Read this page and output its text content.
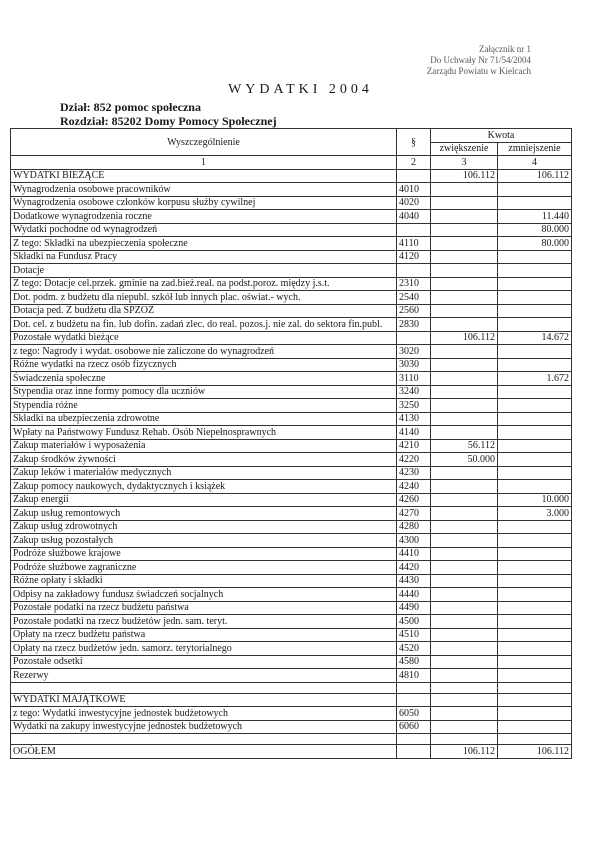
Załącznik nr 1
Do Uchwały Nr 71/54/2004
Zarządu Powiatu w Kielcach
WYDATKI 2004
Dział: 852 pomoc społeczna
Rozdział: 85202 Domy Pomocy Społecznej
Wyszczególnienie	§	Kwota	
		zwiększenie	zmniejszenie
1	2	3	4
WYDATKI BIEŻĄCE		106.112	106.112
Wynagrodzenia osobowe pracowników	4010		
Wynagrodzenia osobowe członków korpusu służby cywilnej	4020		
Dodatkowe wynagrodzenia roczne	4040		11.440
Wydatki pochodne od wynagrodzeń			80.000
Z tego: Składki na ubezpieczenia społeczne	4110		80.000
Składki na Fundusz Pracy	4120		
Dotacje			
Z tego: Dotacje cel.przek. gminie na zad.bież.real. na podst.poroz. między j.s.t.	2310		
Dot. podm. z budżetu dla niepubl. szkół lub innych plac. oświat.- wych.	2540		
Dotacja ped. Z budżetu dla SPZOZ	2560		
Dot. cel. z budżetu na fin. lub dofin. zadań zlec. do real. pozos.j. nie zal. do sektora fin.publ.	2830		
Pozostałe wydatki bieżące		106.112	14.672
z tego: Nagrody i wydat. osobowe nie zaliczone do wynagrodzeń	3020		
Różne wydatki na rzecz osób fizycznych	3030		
Świadczenia społeczne	3110		1.672
Stypendia oraz inne formy pomocy dla uczniów	3240		
Stypendia różne	3250		
Składki na ubezpieczenia zdrowotne	4130		
Wpłaty na Państwowy Fundusz Rehab. Osób Niepełnosprawnych	4140		
Zakup materiałów i wyposażenia	4210	56.112	
Zakup środków żywności	4220	50.000	
Zakup leków i materiałów medycznych	4230		
Zakup pomocy naukowych, dydaktycznych i książek	4240		
Zakup energii	4260		10.000
Zakup usług remontowych	4270		3.000
Zakup usług zdrowotnych	4280		
Zakup usług pozostałych	4300		
Podróże służbowe krajowe	4410		
Podróże służbowe zagraniczne	4420		
Różne opłaty i składki	4430		
Odpisy na zakładowy fundusz świadczeń socjalnych	4440		
Pozostałe podatki na rzecz budżetu państwa	4490		
Pozostałe podatki na rzecz budżetów jedn. sam. teryt.	4500		
Opłaty na rzecz budżetu państwa	4510		
Opłaty na rzecz budżetów jedn. samorz. terytorialnego	4520		
Pozostałe odsetki	4580		
Rezerwy	4810		

WYDATKI MAJĄTKOWE			
z tego: Wydatki inwestycyjne jednostek budżetowych	6050		
Wydatki na zakupy inwestycyjne jednostek budżetowych	6060		

OGÓŁEM		106.112	106.112
